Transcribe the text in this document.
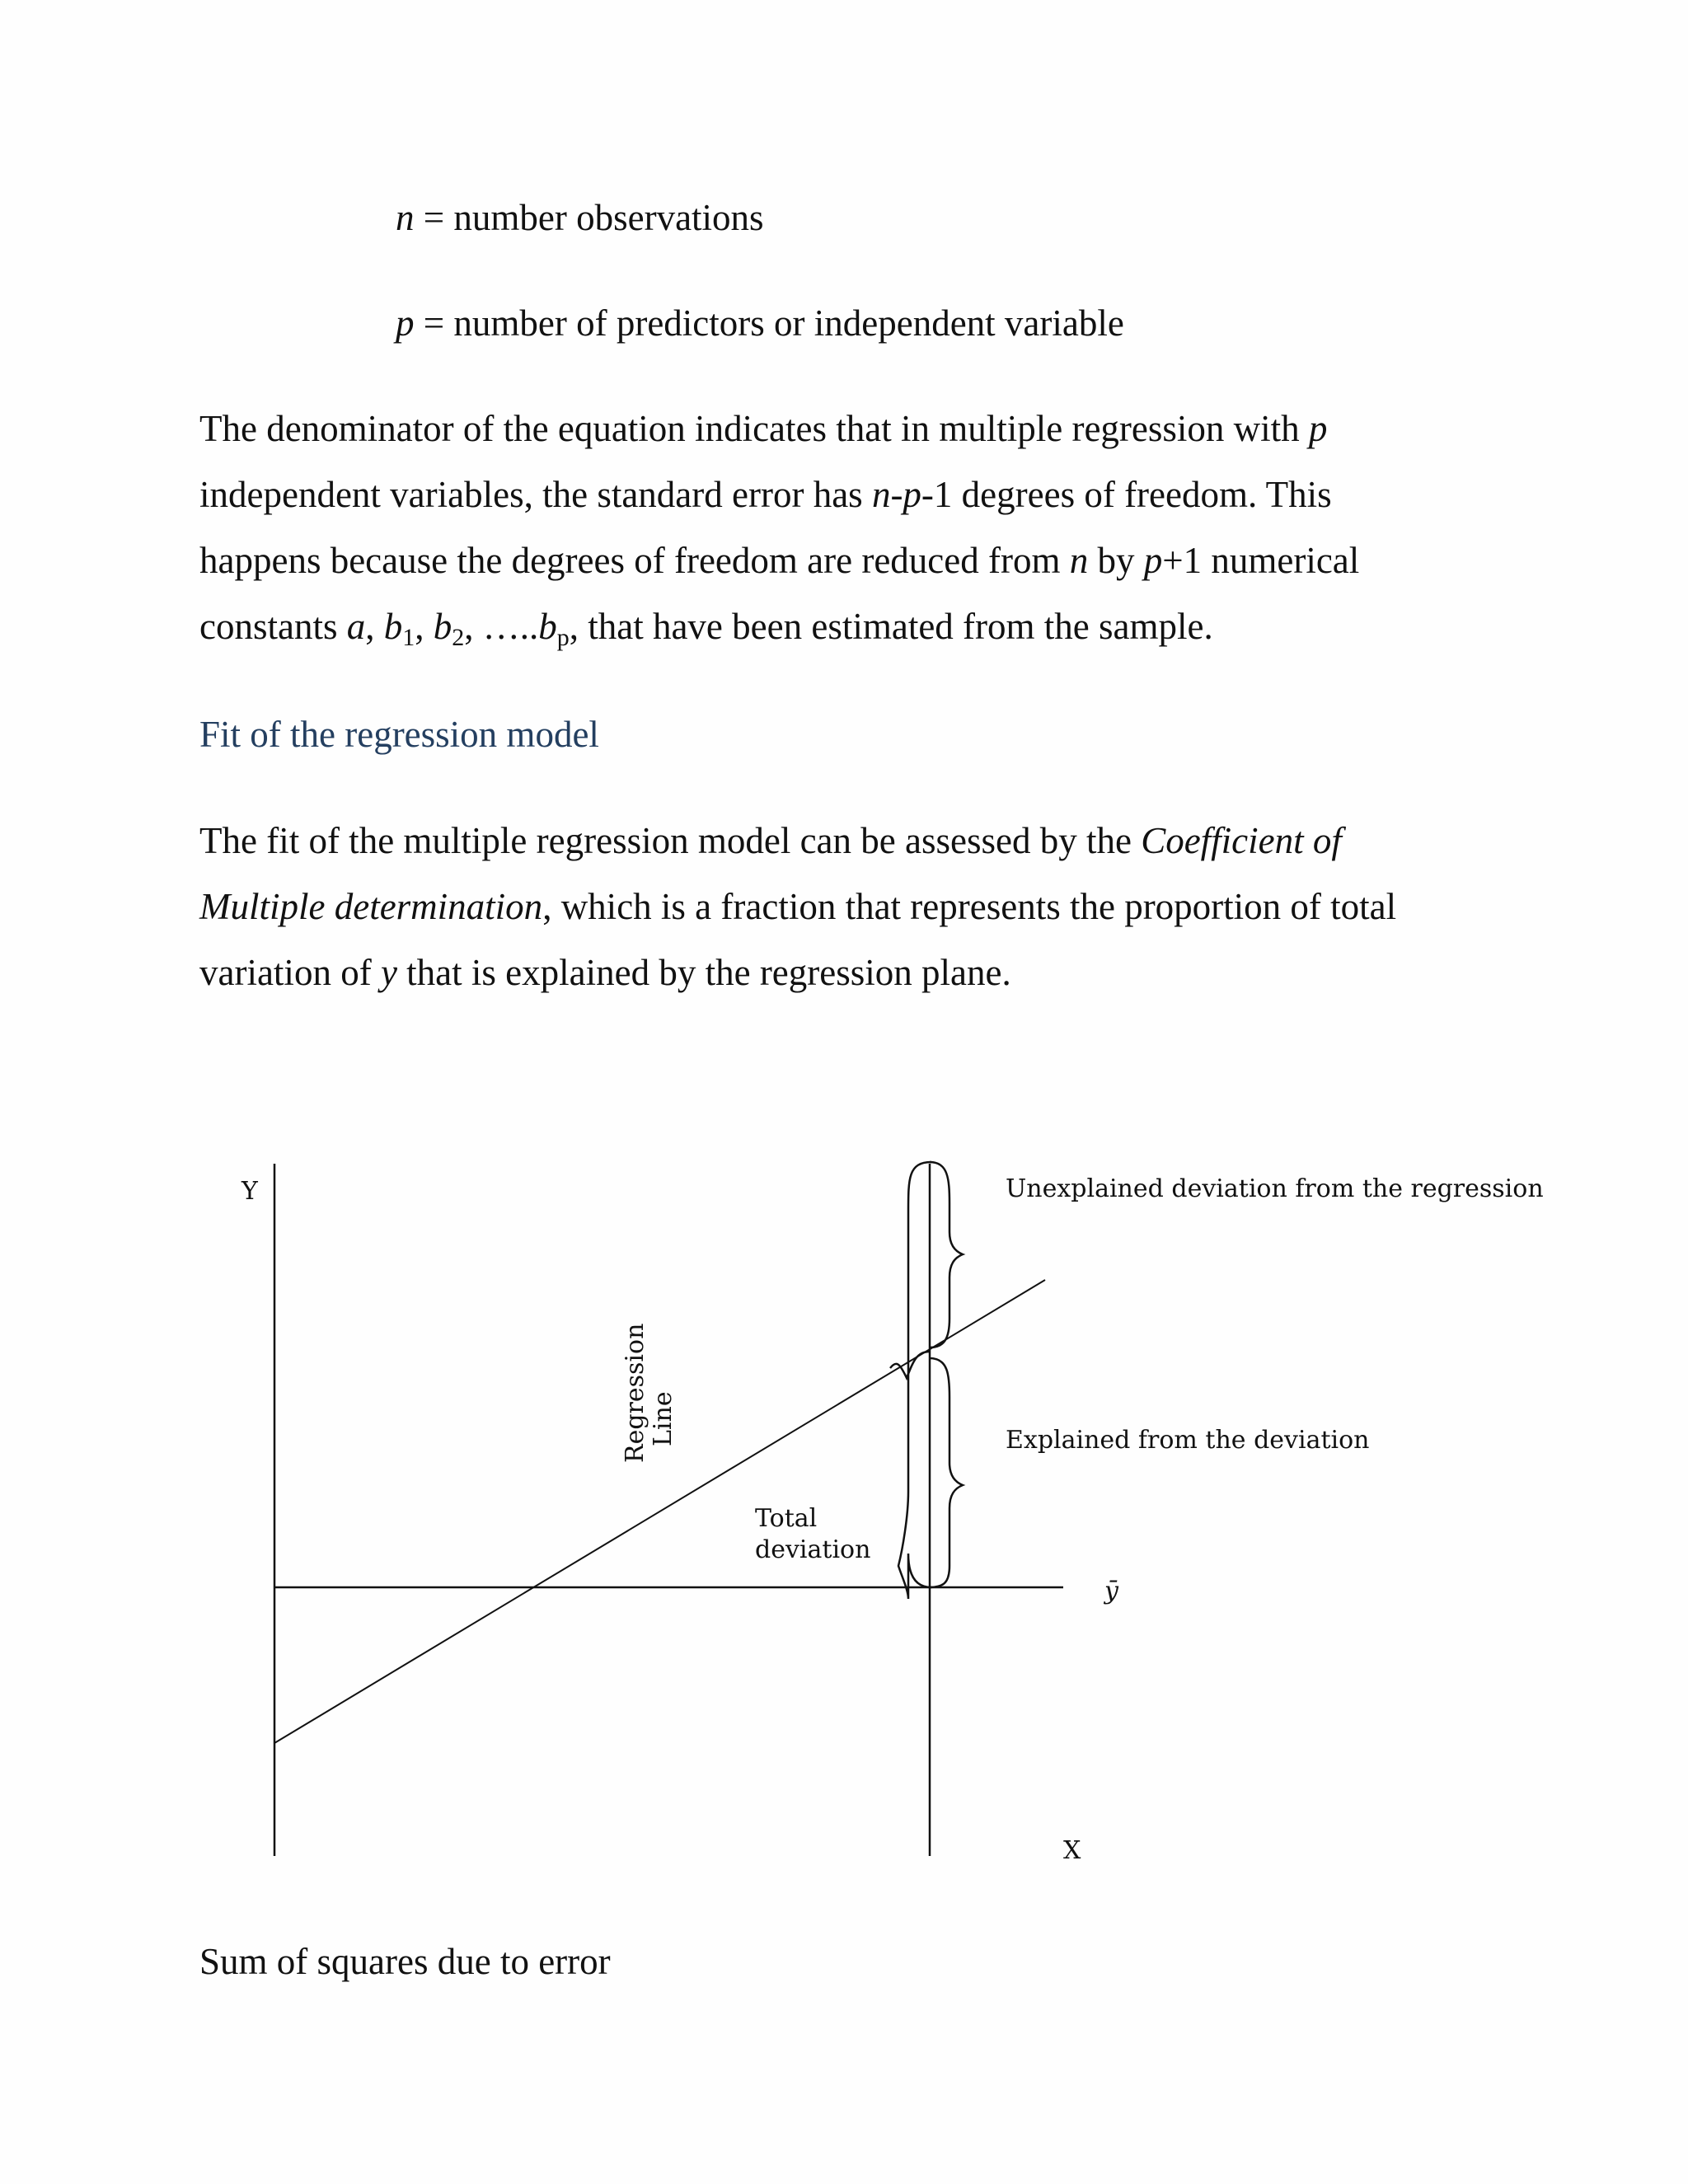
n = number observations
p = number of predictors or independent variable
The denominator of the equation indicates that in multiple regression with p
independent variables, the standard error has n-p-1 degrees of freedom. This
happens because the degrees of freedom are reduced from n by p+1 numerical
constants a, $b_1$, $b_2$, $\dots..b_p$, that have been estimated from the sample.
Fit of the regression model
The fit of the multiple regression model can be assessed by the Coefficient of
Multiple determination, which is a fraction that represents the proportion of total
variation of y that is explained by the regression plane.
Y
X
ȳ
Regression Line
Total
deviation
Unexplained deviation from the regression
Explained from the deviation
Sum of squares due to error
